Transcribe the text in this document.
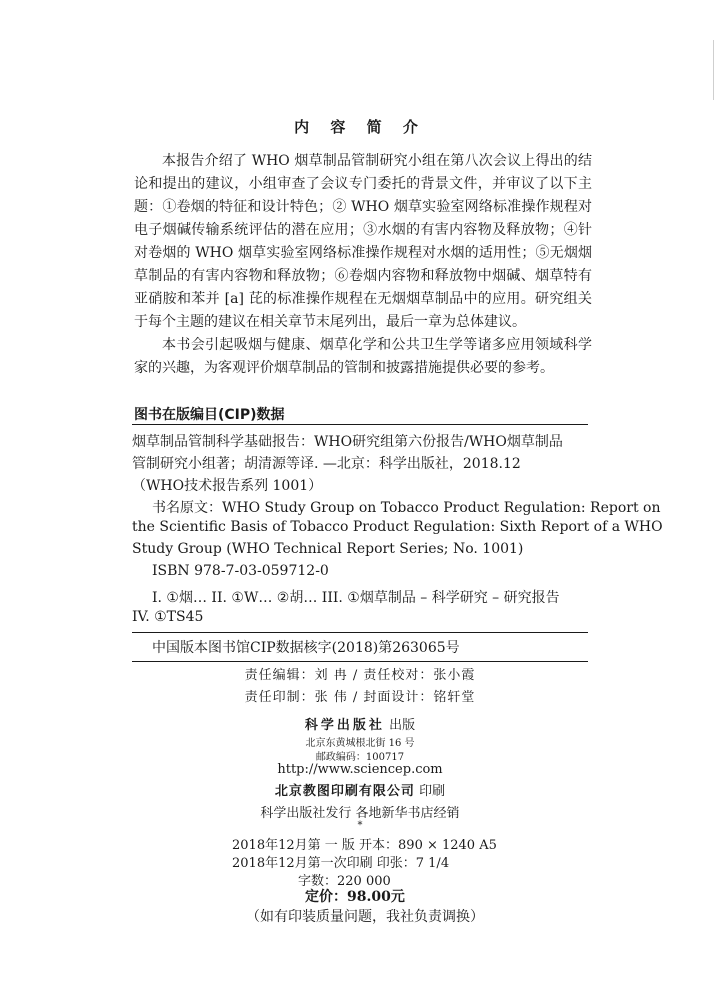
内 容 简 介

本报告介绍了 WHO 烟草制品管制研究小组在第八次会议上得出的结论和提出的建议，小组审查了会议专门委托的背景文件，并审议了以下主题：①卷烟的特征和设计特色；② WHO 烟草实验室网络标准操作规程对电子烟碱传输系统评估的潜在应用；③水烟的有害内容物及释放物；④针对卷烟的 WHO 烟草实验室网络标准操作规程对水烟的适用性；⑤无烟烟草制品的有害内容物和释放物；⑥卷烟内容物和释放物中烟碱、烟草特有亚硝胺和苯并 [a] 芘的标准操作规程在无烟烟草制品中的应用。研究组关于每个主题的建议在相关章节末尾列出，最后一章为总体建议。

本书会引起吸烟与健康、烟草化学和公共卫生学等诸多应用领域科学家的兴趣，为客观评价烟草制品的管制和披露措施提供必要的参考。

图书在版编目(CIP)数据

烟草制品管制科学基础报告：WHO研究组第六份报告/WHO烟草制品

管制研究小组著；胡清源等译. —北京：科学出版社，2018.12

（WHO技术报告系列 1001）

书名原文：WHO Study Group on Tobacco Product Regulation: Report on

the Scientific Basis of Tobacco Product Regulation: Sixth Report of a WHO

Study Group (WHO Technical Report Series; No. 1001)

ISBN 978-7-03-059712-0

I. ①烟… II. ①W… ②胡… III. ①烟草制品 – 科学研究 – 研究报告

IV. ①TS45

中国版本图书馆CIP数据核字(2018)第263065号

责任编辑：刘 冉 / 责任校对：张小霞
责任印制：张 伟 / 封面设计：铭轩堂
科学出版社 出版
北京东黄城根北街 16 号
邮政编码：100717
http://www.sciencep.com
北京教图印刷有限公司 印刷
科学出版社发行 各地新华书店经销
*
2018年12月第 一 版 开本：890 × 1240 A5
2018年12月第一次印刷 印张：7 1/4
字数：220 000
定价：98.00元
（如有印装质量问题，我社负责调换）
